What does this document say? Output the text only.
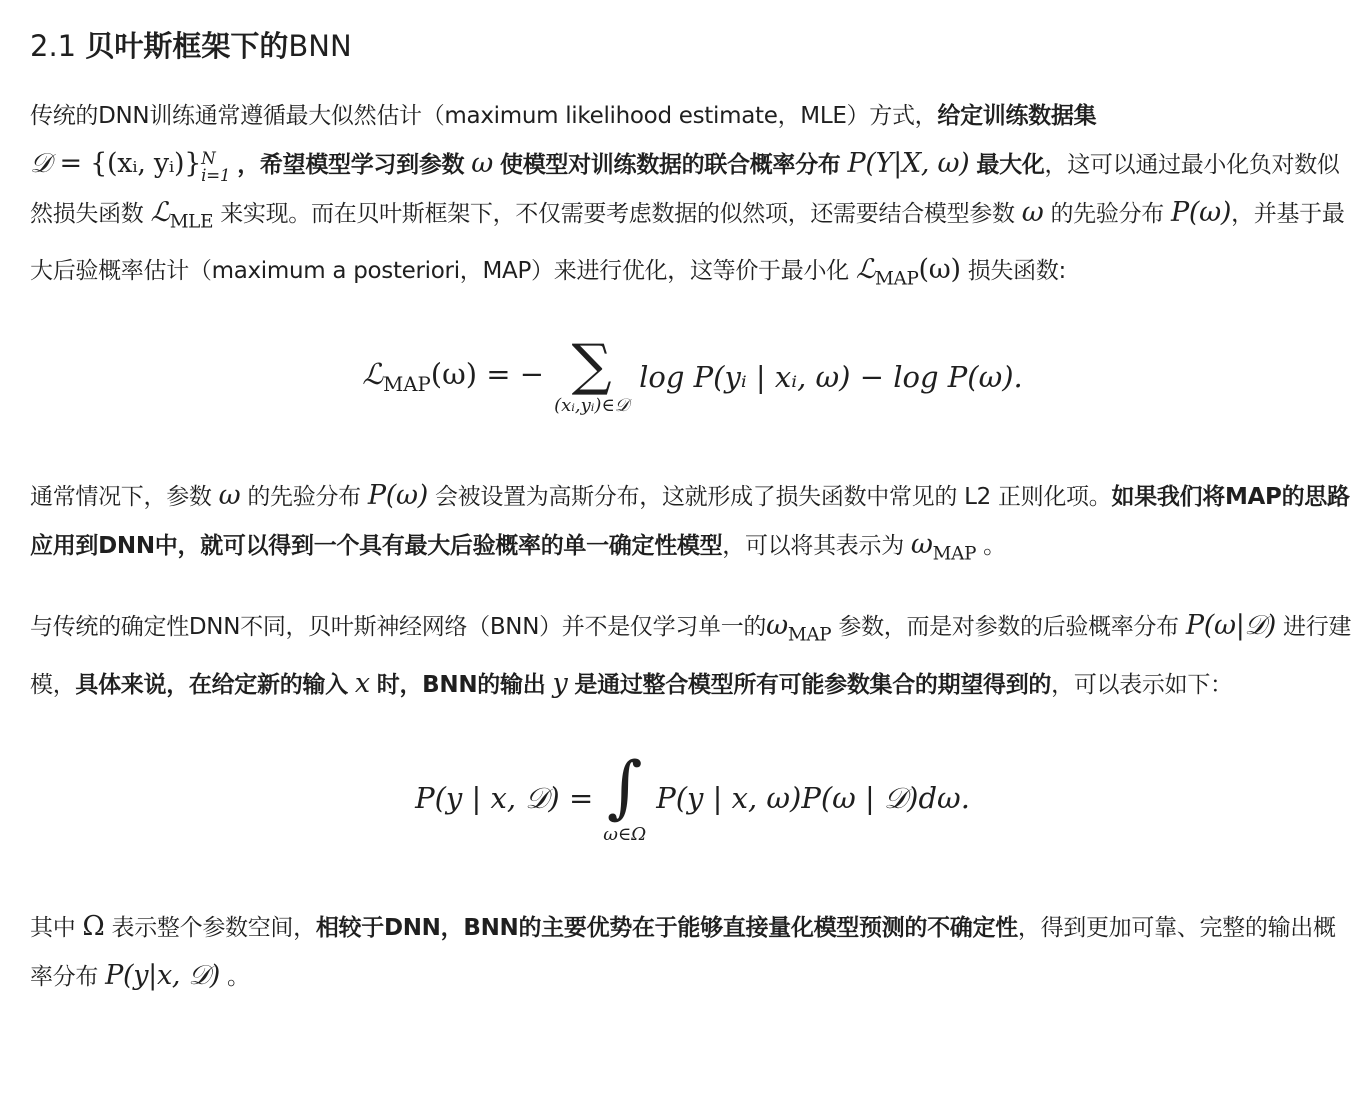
2.1 贝叶斯框架下的BNN

传统的DNN训练通常遵循最大似然估计（maximum likelihood estimate，MLE）方式，给定训练数据集
𝒟 = {(xᵢ, yᵢ)} N
i=1 ，希望模型学习到参数 ω 使模型对训练数据的联合概率分布 P(Y|X, ω) 最大化，这可以通过最小化负对数似然损失函数 ℒ$_{MLE}$ 来实现。而在贝叶斯框架下，不仅需要考虑数据的似然项，还需要结合模型参数 ω 的先验分布 P(ω)，并基于最大后验概率估计（maximum a posteriori，MAP）来进行优化，这等价于最小化 ℒ$_{MAP}$(ω) 损失函数:

ℒ$_{MAP}$(ω) = − ∑
(xᵢ,yᵢ)∈𝒟
log P(yᵢ | xᵢ, ω) − log P(ω).

通常情况下，参数 ω 的先验分布 P(ω) 会被设置为高斯分布，这就形成了损失函数中常见的 L2 正则化项。如果我们将MAP的思路应用到DNN中，就可以得到一个具有最大后验概率的单一确定性模型，可以将其表示为 $\omega_{MAP}$ 。

与传统的确定性DNN不同，贝叶斯神经网络（BNN）并不是仅学习单一的$\omega_{MAP}$ 参数，而是对参数的后验概率分布 P(ω|𝒟) 进行建模，具体来说，在给定新的输入 x 时，BNN的输出 y 是通过整合模型所有可能参数集合的期望得到的，可以表示如下：

P(y | x, 𝒟) = ∫
ω∈Ω
P(y | x, ω)P(ω | 𝒟)dω.

其中 Ω 表示整个参数空间，相较于DNN，BNN的主要优势在于能够直接量化模型预测的不确定性，得到更加可靠、完整的输出概率分布 P(y|x, 𝒟) 。
